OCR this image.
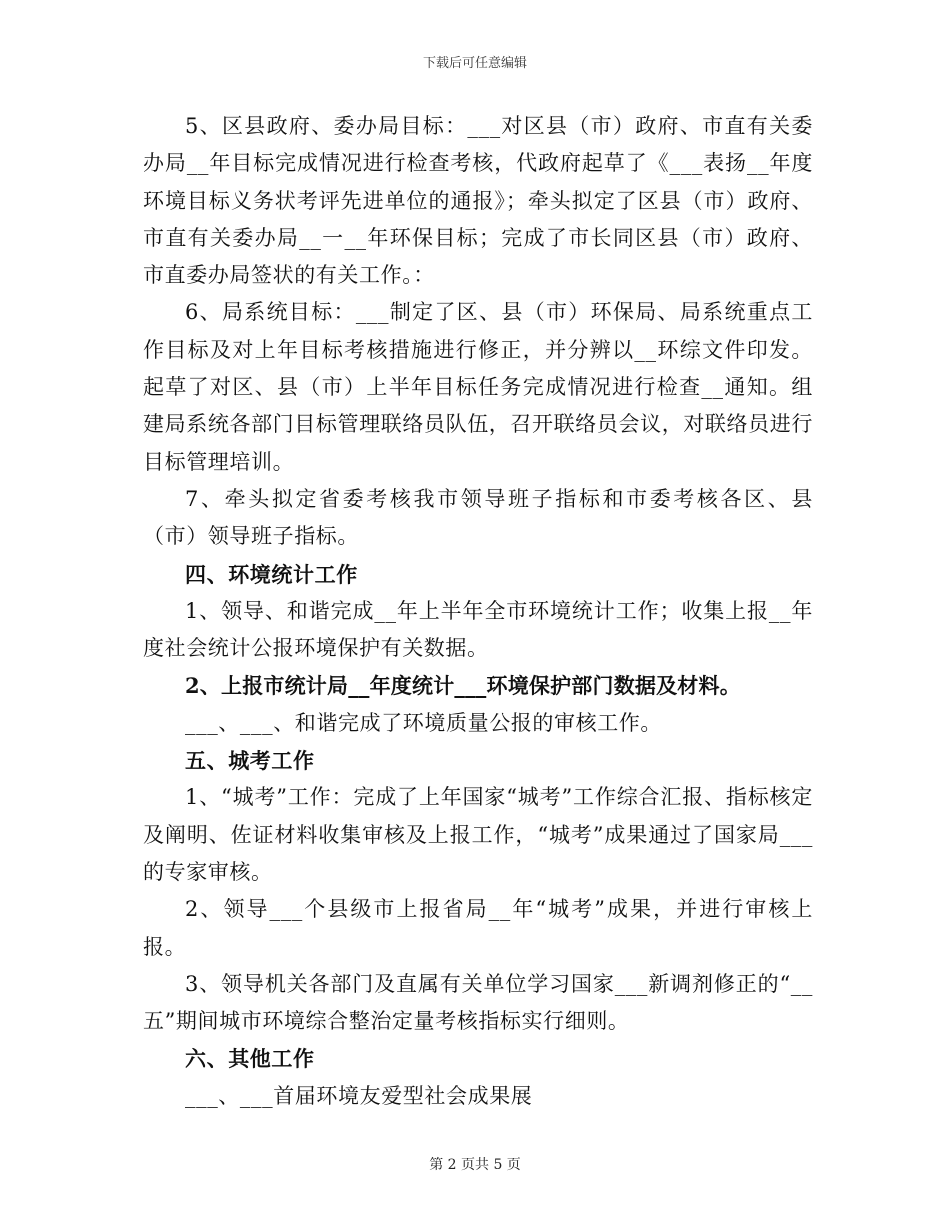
下载后可任意编辑

5、区县政府、委办局目标：___对区县（市）政府、市直有关委办局__年目标完成情况进行检查考核，代政府起草了《___表扬__年度环境目标义务状考评先进单位的通报》；牵头拟定了区县（市）政府、市直有关委办局__一__年环保目标；完成了市长同区县（市）政府、市直委办局签状的有关工作。：

6、局系统目标：___制定了区、县（市）环保局、局系统重点工作目标及对上年目标考核措施进行修正，并分辨以__环综文件印发。起草了对区、县（市）上半年目标任务完成情况进行检查__通知。组建局系统各部门目标管理联络员队伍，召开联络员会议，对联络员进行目标管理培训。

7、牵头拟定省委考核我市领导班子指标和市委考核各区、县（市）领导班子指标。

四、环境统计工作

1、领导、和谐完成__年上半年全市环境统计工作；收集上报__年度社会统计公报环境保护有关数据。

2、上报市统计局__年度统计___环境保护部门数据及材料。

___、___、和谐完成了环境质量公报的审核工作。

五、城考工作

1、“城考”工作：完成了上年国家“城考”工作综合汇报、指标核定及阐明、佐证材料收集审核及上报工作，“城考”成果通过了国家局___的专家审核。

2、领导___个县级市上报省局__年“城考”成果，并进行审核上报。

3、领导机关各部门及直属有关单位学习国家___新调剂修正的“__五”期间城市环境综合整治定量考核指标实行细则。

六、其他工作

___、___首届环境友爱型社会成果展

第 2 页共 5 页
